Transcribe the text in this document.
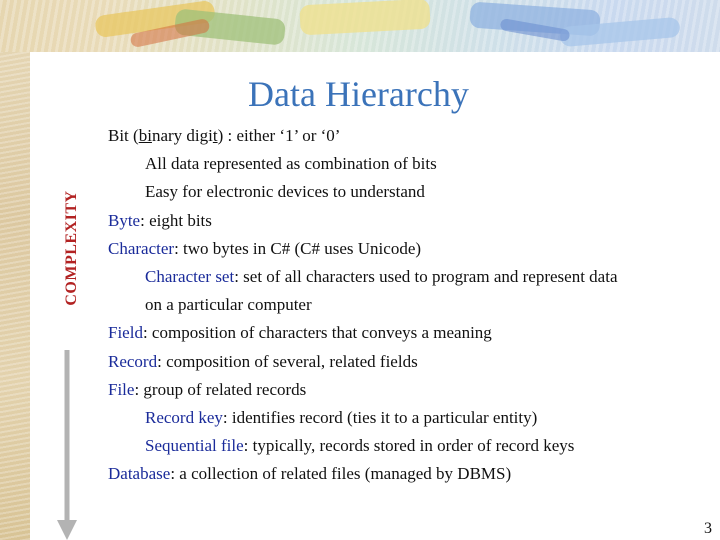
Data Hierarchy
COMPLEXITY
Bit (binary digit) : either ‘1’ or ‘0’
All data represented as combination of bits
Easy for electronic devices to understand
Byte: eight bits
Character: two bytes in C# (C# uses Unicode)
Character set: set of all characters used to program and represent data
on a particular computer
Field: composition of characters that conveys a meaning
Record: composition of several, related fields
File: group of related records
Record key: identifies record (ties it to a particular entity)
Sequential file: typically, records stored in order of record keys
Database: a collection of related files (managed by DBMS)
3
